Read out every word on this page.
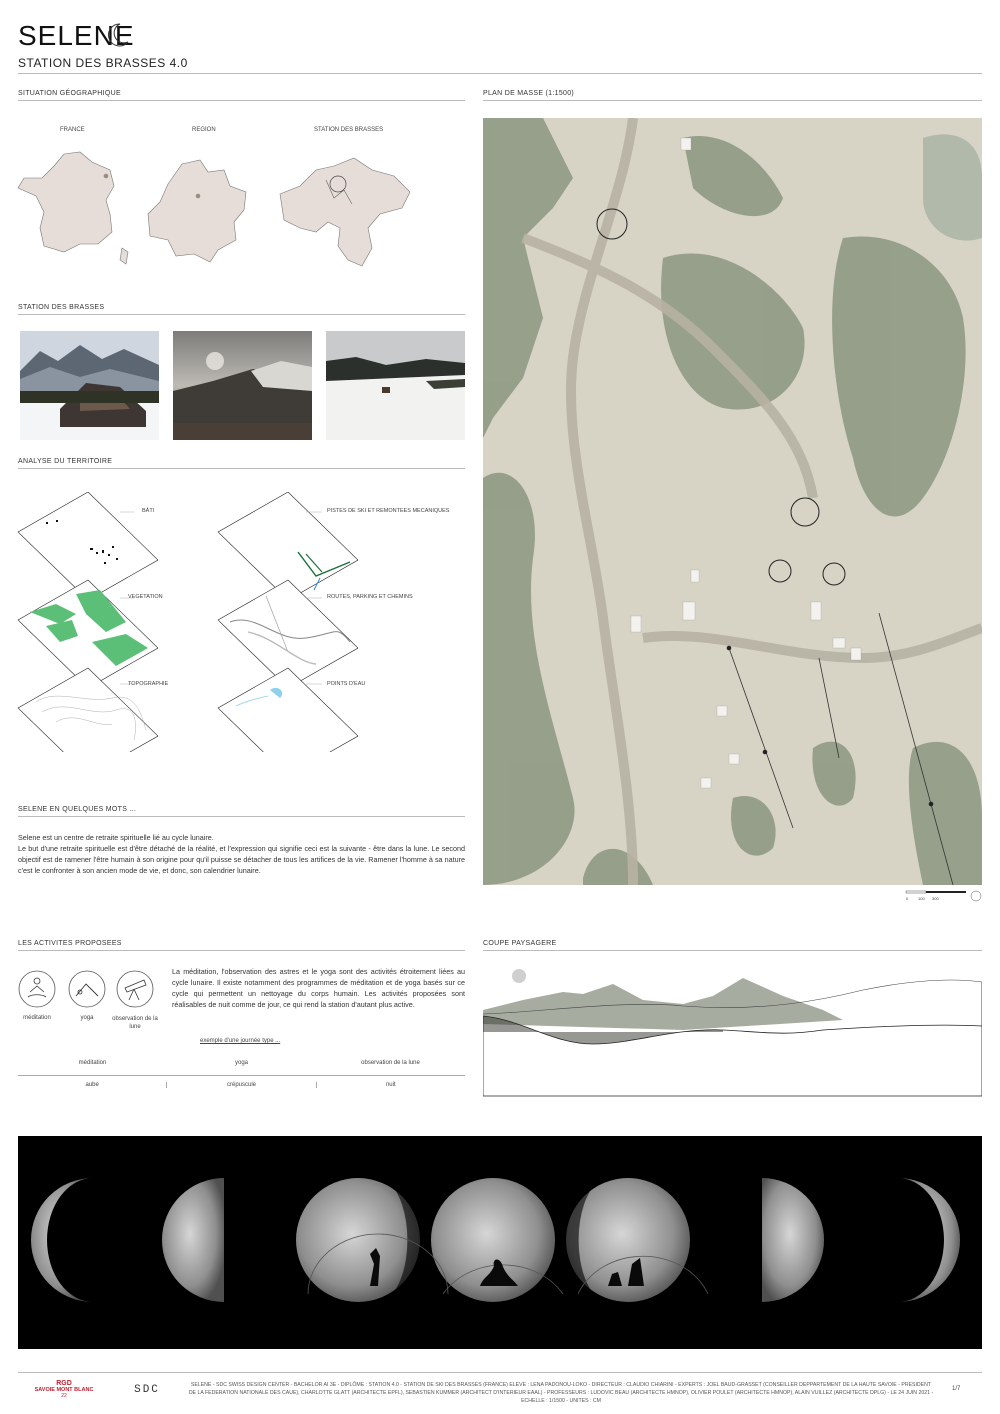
SELENE
STATION DES BRASSES 4.0
SITUATION GÉOGRAPHIQUE
FRANCE	REGION	STATION DES BRASSES
STATION DES BRASSES
ANALYSE DU TERRITOIRE
BÂTI	PISTES DE SKI ET REMONTEES MECANIQUES
VEGETATION	ROUTES, PARKING ET CHEMINS
TOPOGRAPHIE	POINTS D'EAU
SELENE EN QUELQUES MOTS ...
Selene est un centre de retraite spirituelle lié au cycle lunaire.
Le but d'une retraite spirituelle est d'être détaché de la réalité, et l'expression qui signifie ceci est la suivante - être dans la lune. Le second objectif est de ramener l'être humain à son origine pour qu'il puisse se détacher de tous les artifices de la vie. Ramener l'homme à sa nature c'est le confronter à son ancien mode de vie, et donc, son calendrier lunaire.
PLAN DE MASSE (1:1500)
0 100 300
LES ACTIVITES PROPOSEES
méditation	yoga	observation de la lune
La méditation, l'observation des astres et le yoga sont des activités étroitement liées au cycle lunaire. Il existe notamment des programmes de méditation et de yoga basés sur ce cycle qui permettent un nettoyage du corps humain. Les activités proposées sont réalisables de nuit comme de jour, ce qui rend la station d'autant plus active.
exemple d'une journée type ...
méditation	yoga	observation de la lune
aube	crépuscule	nuit
COUPE PAYSAGERE
RGD
SAVOIE MONT BLANC
22	SDC	SELENE - SDC SWISS DESIGN CENTER - BACHELOR AI 3E - DIPLÔME : STATION 4.0 - STATION DE SKI DES BRASSES (FRANCE) ELEVE : LENA PADONOU-LOKO - DIRECTEUR : CLAUDIO CHIARINI - EXPERTS : JOEL BAUD-GRASSET (CONSEILLER DEPPARTEMENT DE LA HAUTE SAVOIE - PRESIDENT DE LA FEDERATION NATIONALE DES CAUE), CHARLOTTE GLATT (ARCHITECTE EPFL), SEBASTIEN KUMMER (ARCHITECT D'INTERIEUR EAAL) - PROFESSEURS : LUDOVIC BEAU (ARCHITECTE HMNOP), OLIVIER POULET (ARCHITECTE HMNOP), ALAIN VUILLEZ (ARCHITECTE DPLG) - LE 24 JUIN 2021 - ECHELLE : 1/1500 - UNITES : CM
1/7
